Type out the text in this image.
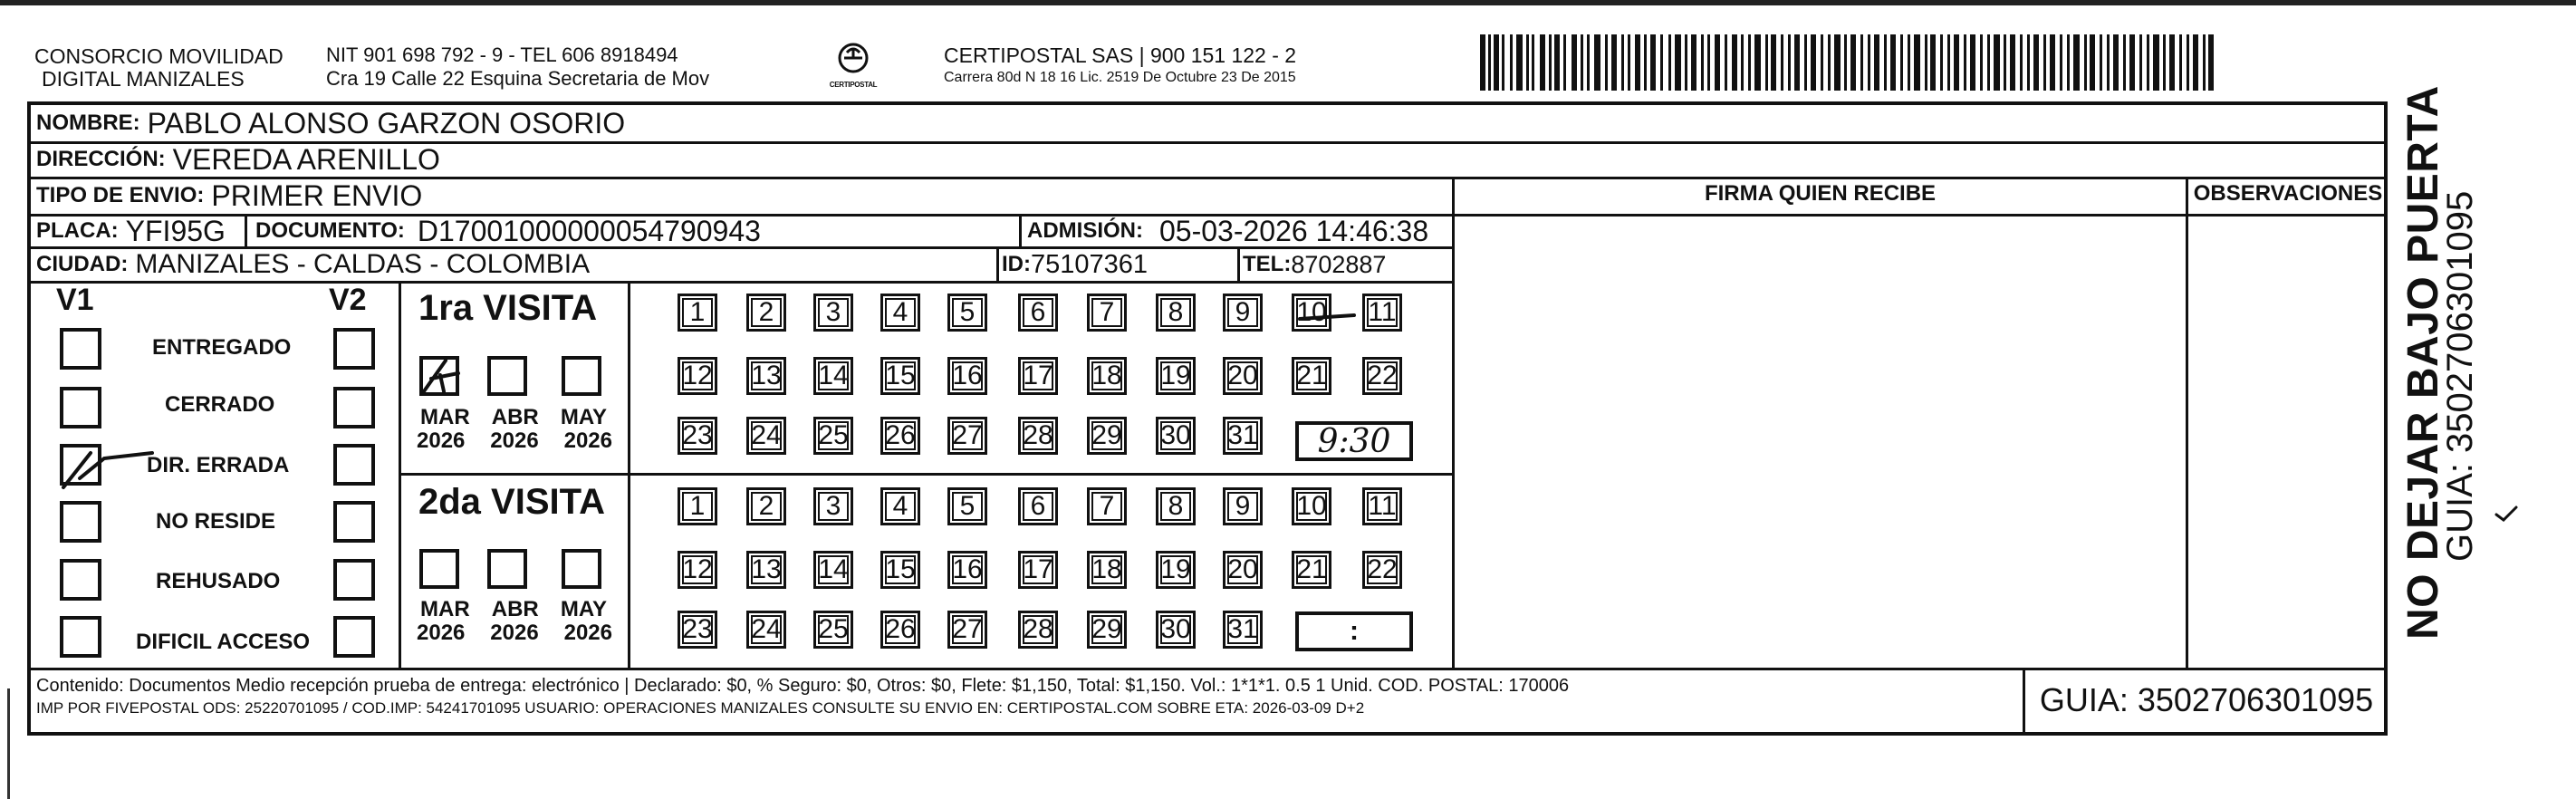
CONSORCIO MOVILIDAD
DIGITAL MANIZALES
NIT 901 698 792 - 9 - TEL 606 8918494
Cra 19 Calle 22 Esquina Secretaria de Mov	CERTIPOSTAL
CERTIPOSTAL SAS | 900 151 122 - 2
Carrera 80d N 18 16 Lic. 2519 De Octubre 23 De 2015
NOMBRE: PABLO ALONSO GARZON OSORIO
DIRECCIÓN: VEREDA ARENILLO
TIPO DE ENVIO: PRIMER ENVIO
PLACA: YFI95G DOCUMENTO: D17001000000054790943	ADMISIÓN: 05-03-2026 14:46:38
CIUDAD: MANIZALES - CALDAS - COLOMBIA	ID: 75107361	TEL: 8702887
FIRMA QUIEN RECIBE	OBSERVACIONES
V1	V2
ENTREGADO
CERRADO
DIR. ERRADA
NO RESIDE
REHUSADO
DIFICIL ACCESO
1ra VISITA
MAR ABR MAY
2026 2026 2026
2da VISITA
MAR ABR MAY
2026 2026 2026
1	2	3	4	5	6	7	8	9	10 11
12 13 14 15 16 17 18 19 20 21 22
23 24 25 26 27 28 29 30 31
1	2	3	4	5	6	7	8	9	10 11
12 13 14 15 16 17 18 19 20 21 22
23 24 25 26 27 28 29 30 31
9:30
:
Contenido: Documentos Medio recepción prueba de entrega: electrónico | Declarado: $0, % Seguro: $0, Otros: $0, Flete: $1,150, Total: $1,150. Vol.: 1*1*1. 0.5 1 Unid. COD. POSTAL: 170006
IMP POR FIVEPOSTAL ODS: 25220701095 / COD.IMP: 54241701095 USUARIO: OPERACIONES MANIZALES CONSULTE SU ENVIO EN: CERTIPOSTAL.COM SOBRE ETA: 2026-03-09 D+2	GUIA: 3502706301095
NO DEJAR BAJO PUERTA
GUIA: 3502706301095
